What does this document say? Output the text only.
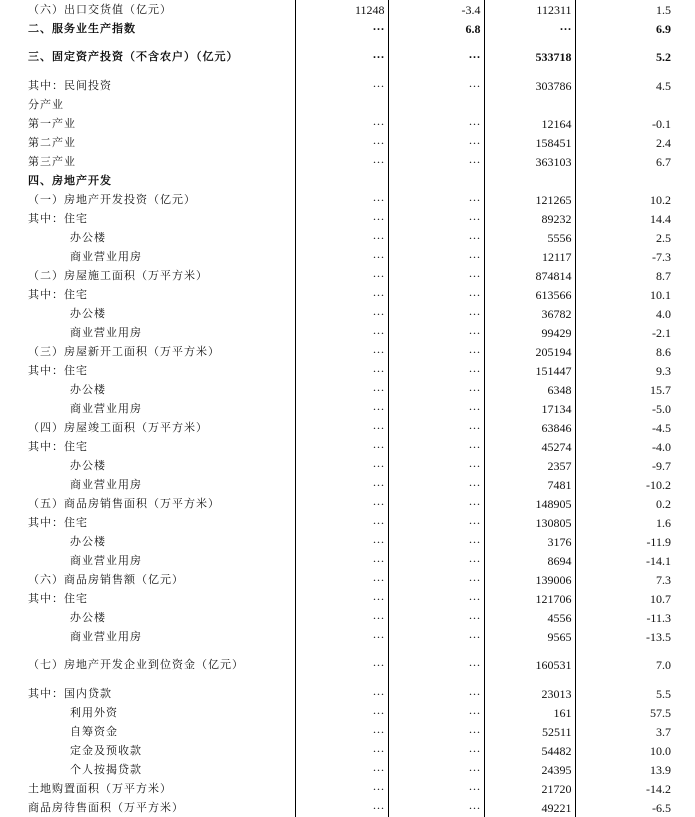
（六）出口交货值（亿元）	11248	-3.4	112311	1.5
二、服务业生产指数	···	6.8	···	6.9
三、固定资产投资（不含农户）（亿元）	···	···	533718	5.2
其中：民间投资	···	···	303786	4.5
分产业				
第一产业	···	···	12164	-0.1
第二产业	···	···	158451	2.4
第三产业	···	···	363103	6.7
四、房地产开发				
（一）房地产开发投资（亿元）	···	···	121265	10.2
其中：住宅	···	···	89232	14.4
办公楼	···	···	5556	2.5
商业营业用房	···	···	12117	-7.3
（二）房屋施工面积（万平方米）	···	···	874814	8.7
其中：住宅	···	···	613566	10.1
办公楼	···	···	36782	4.0
商业营业用房	···	···	99429	-2.1
（三）房屋新开工面积（万平方米）	···	···	205194	8.6
其中：住宅	···	···	151447	9.3
办公楼	···	···	6348	15.7
商业营业用房	···	···	17134	-5.0
（四）房屋竣工面积（万平方米）	···	···	63846	-4.5
其中：住宅	···	···	45274	-4.0
办公楼	···	···	2357	-9.7
商业营业用房	···	···	7481	-10.2
（五）商品房销售面积（万平方米）	···	···	148905	0.2
其中：住宅	···	···	130805	1.6
办公楼	···	···	3176	-11.9
商业营业用房	···	···	8694	-14.1
（六）商品房销售额（亿元）	···	···	139006	7.3
其中：住宅	···	···	121706	10.7
办公楼	···	···	4556	-11.3
商业营业用房	···	···	9565	-13.5
（七）房地产开发企业到位资金（亿元）	···	···	160531	7.0
其中：国内贷款	···	···	23013	5.5
利用外资	···	···	161	57.5
自筹资金	···	···	52511	3.7
定金及预收款	···	···	54482	10.0
个人按揭贷款	···	···	24395	13.9
土地购置面积（万平方米）	···	···	21720	-14.2
商品房待售面积（万平方米）	···	···	49221	-6.5
